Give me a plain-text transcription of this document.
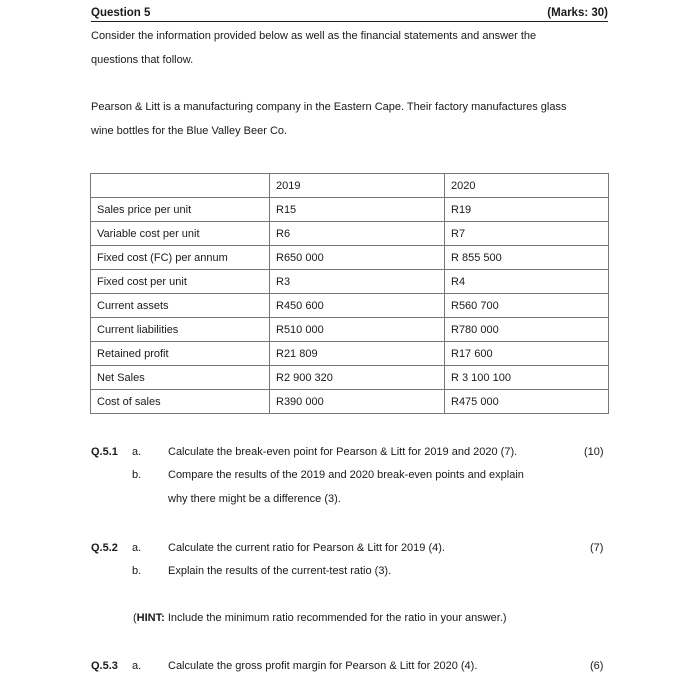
Question 5	(Marks: 30)
Consider the information provided below as well as the financial statements and answer the
questions that follow.
Pearson & Litt is a manufacturing company in the Eastern Cape. Their factory manufactures glass
wine bottles for the Blue Valley Beer Co.
	2019	2020
Sales price per unit	R15	R19
Variable cost per unit	R6	R7
Fixed cost (FC) per annum	R650 000	R 855 500
Fixed cost per unit	R3	R4
Current assets	R450 600	R560 700
Current liabilities	R510 000	R780 000
Retained profit	R21 809	R17 600
Net Sales	R2 900 320	R 3 100 100
Cost of sales	R390 000	R475 000
Q.5.1 a. Calculate the break-even point for Pearson & Litt for 2019 and 2020 (7).	(10)
b. Compare the results of the 2019 and 2020 break-even points and explain
why there might be a difference (3).
Q.5.2 a. Calculate the current ratio for Pearson & Litt for 2019 (4).	(7)
b. Explain the results of the current-test ratio (3).
(HINT: Include the minimum ratio recommended for the ratio in your answer.)
Q.5.3 a. Calculate the gross profit margin for Pearson & Litt for 2020 (4).	(6)
